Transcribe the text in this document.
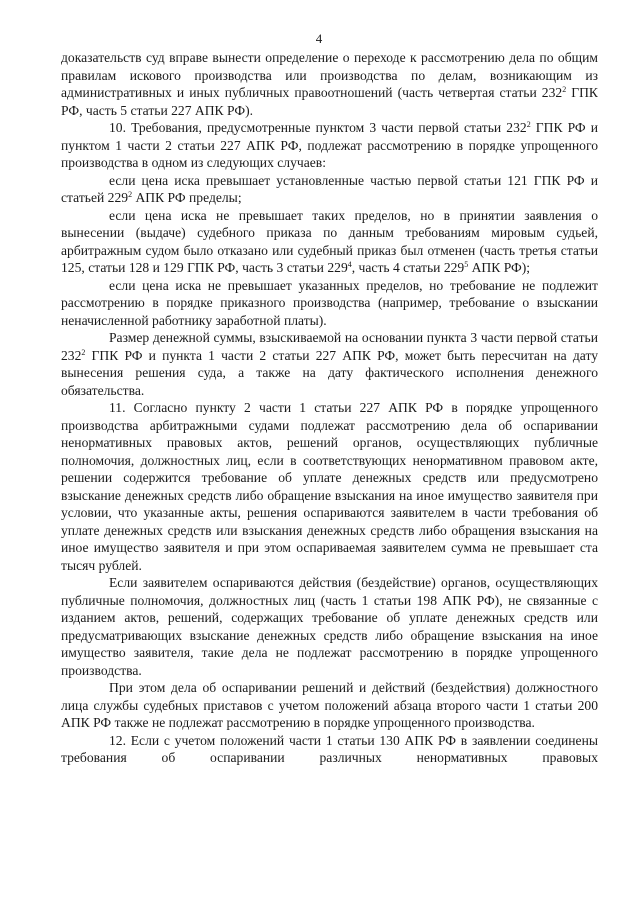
4

доказательств суд вправе вынести определение о переходе к рассмотрению дела по общим правилам искового производства или производства по делам, возникающим из административных и иных публичных правоотношений (часть четвертая статьи $232^2$ ГПК РФ, часть 5 статьи 227 АПК РФ).

10. Требования, предусмотренные пунктом 3 части первой статьи $232^2$ ГПК РФ и пунктом 1 части 2 статьи 227 АПК РФ, подлежат рассмотрению в порядке упрощенного производства в одном из следующих случаев:

если цена иска превышает установленные частью первой статьи 121 ГПК РФ и статьей $229^2$ АПК РФ пределы;

если цена иска не превышает таких пределов, но в принятии заявления о вынесении (выдаче) судебного приказа по данным требованиям мировым судьей, арбитражным судом было отказано или судебный приказ был отменен (часть третья статьи 125, статьи 128 и 129 ГПК РФ, часть 3 статьи $229^4$, часть 4 статьи $229^5$ АПК РФ);

если цена иска не превышает указанных пределов, но требование не подлежит рассмотрению в порядке приказного производства (например, требование о взыскании неначисленной работнику заработной платы).

Размер денежной суммы, взыскиваемой на основании пункта 3 части первой статьи $232^2$ ГПК РФ и пункта 1 части 2 статьи 227 АПК РФ, может быть пересчитан на дату вынесения решения суда, а также на дату фактического исполнения денежного обязательства.

11. Согласно пункту 2 части 1 статьи 227 АПК РФ в порядке упрощенного производства арбитражными судами подлежат рассмотрению дела об оспаривании ненормативных правовых актов, решений органов, осуществляющих публичные полномочия, должностных лиц, если в соответствующих ненормативном правовом акте, решении содержится требование об уплате денежных средств или предусмотрено взыскание денежных средств либо обращение взыскания на иное имущество заявителя при условии, что указанные акты, решения оспариваются заявителем в части требования об уплате денежных средств или взыскания денежных средств либо обращения взыскания на иное имущество заявителя и при этом оспариваемая заявителем сумма не превышает ста тысяч рублей.

Если заявителем оспариваются действия (бездействие) органов, осуществляющих публичные полномочия, должностных лиц (часть 1 статьи 198 АПК РФ), не связанные с изданием актов, решений, содержащих требование об уплате денежных средств или предусматривающих взыскание денежных средств либо обращение взыскания на иное имущество заявителя, такие дела не подлежат рассмотрению в порядке упрощенного производства.

При этом дела об оспаривании решений и действий (бездействия) должностного лица службы судебных приставов с учетом положений абзаца второго части 1 статьи 200 АПК РФ также не подлежат рассмотрению в порядке упрощенного производства.

12. Если с учетом положений части 1 статьи 130 АПК РФ в заявлении соединены требования об оспаривании различных ненормативных правовых
